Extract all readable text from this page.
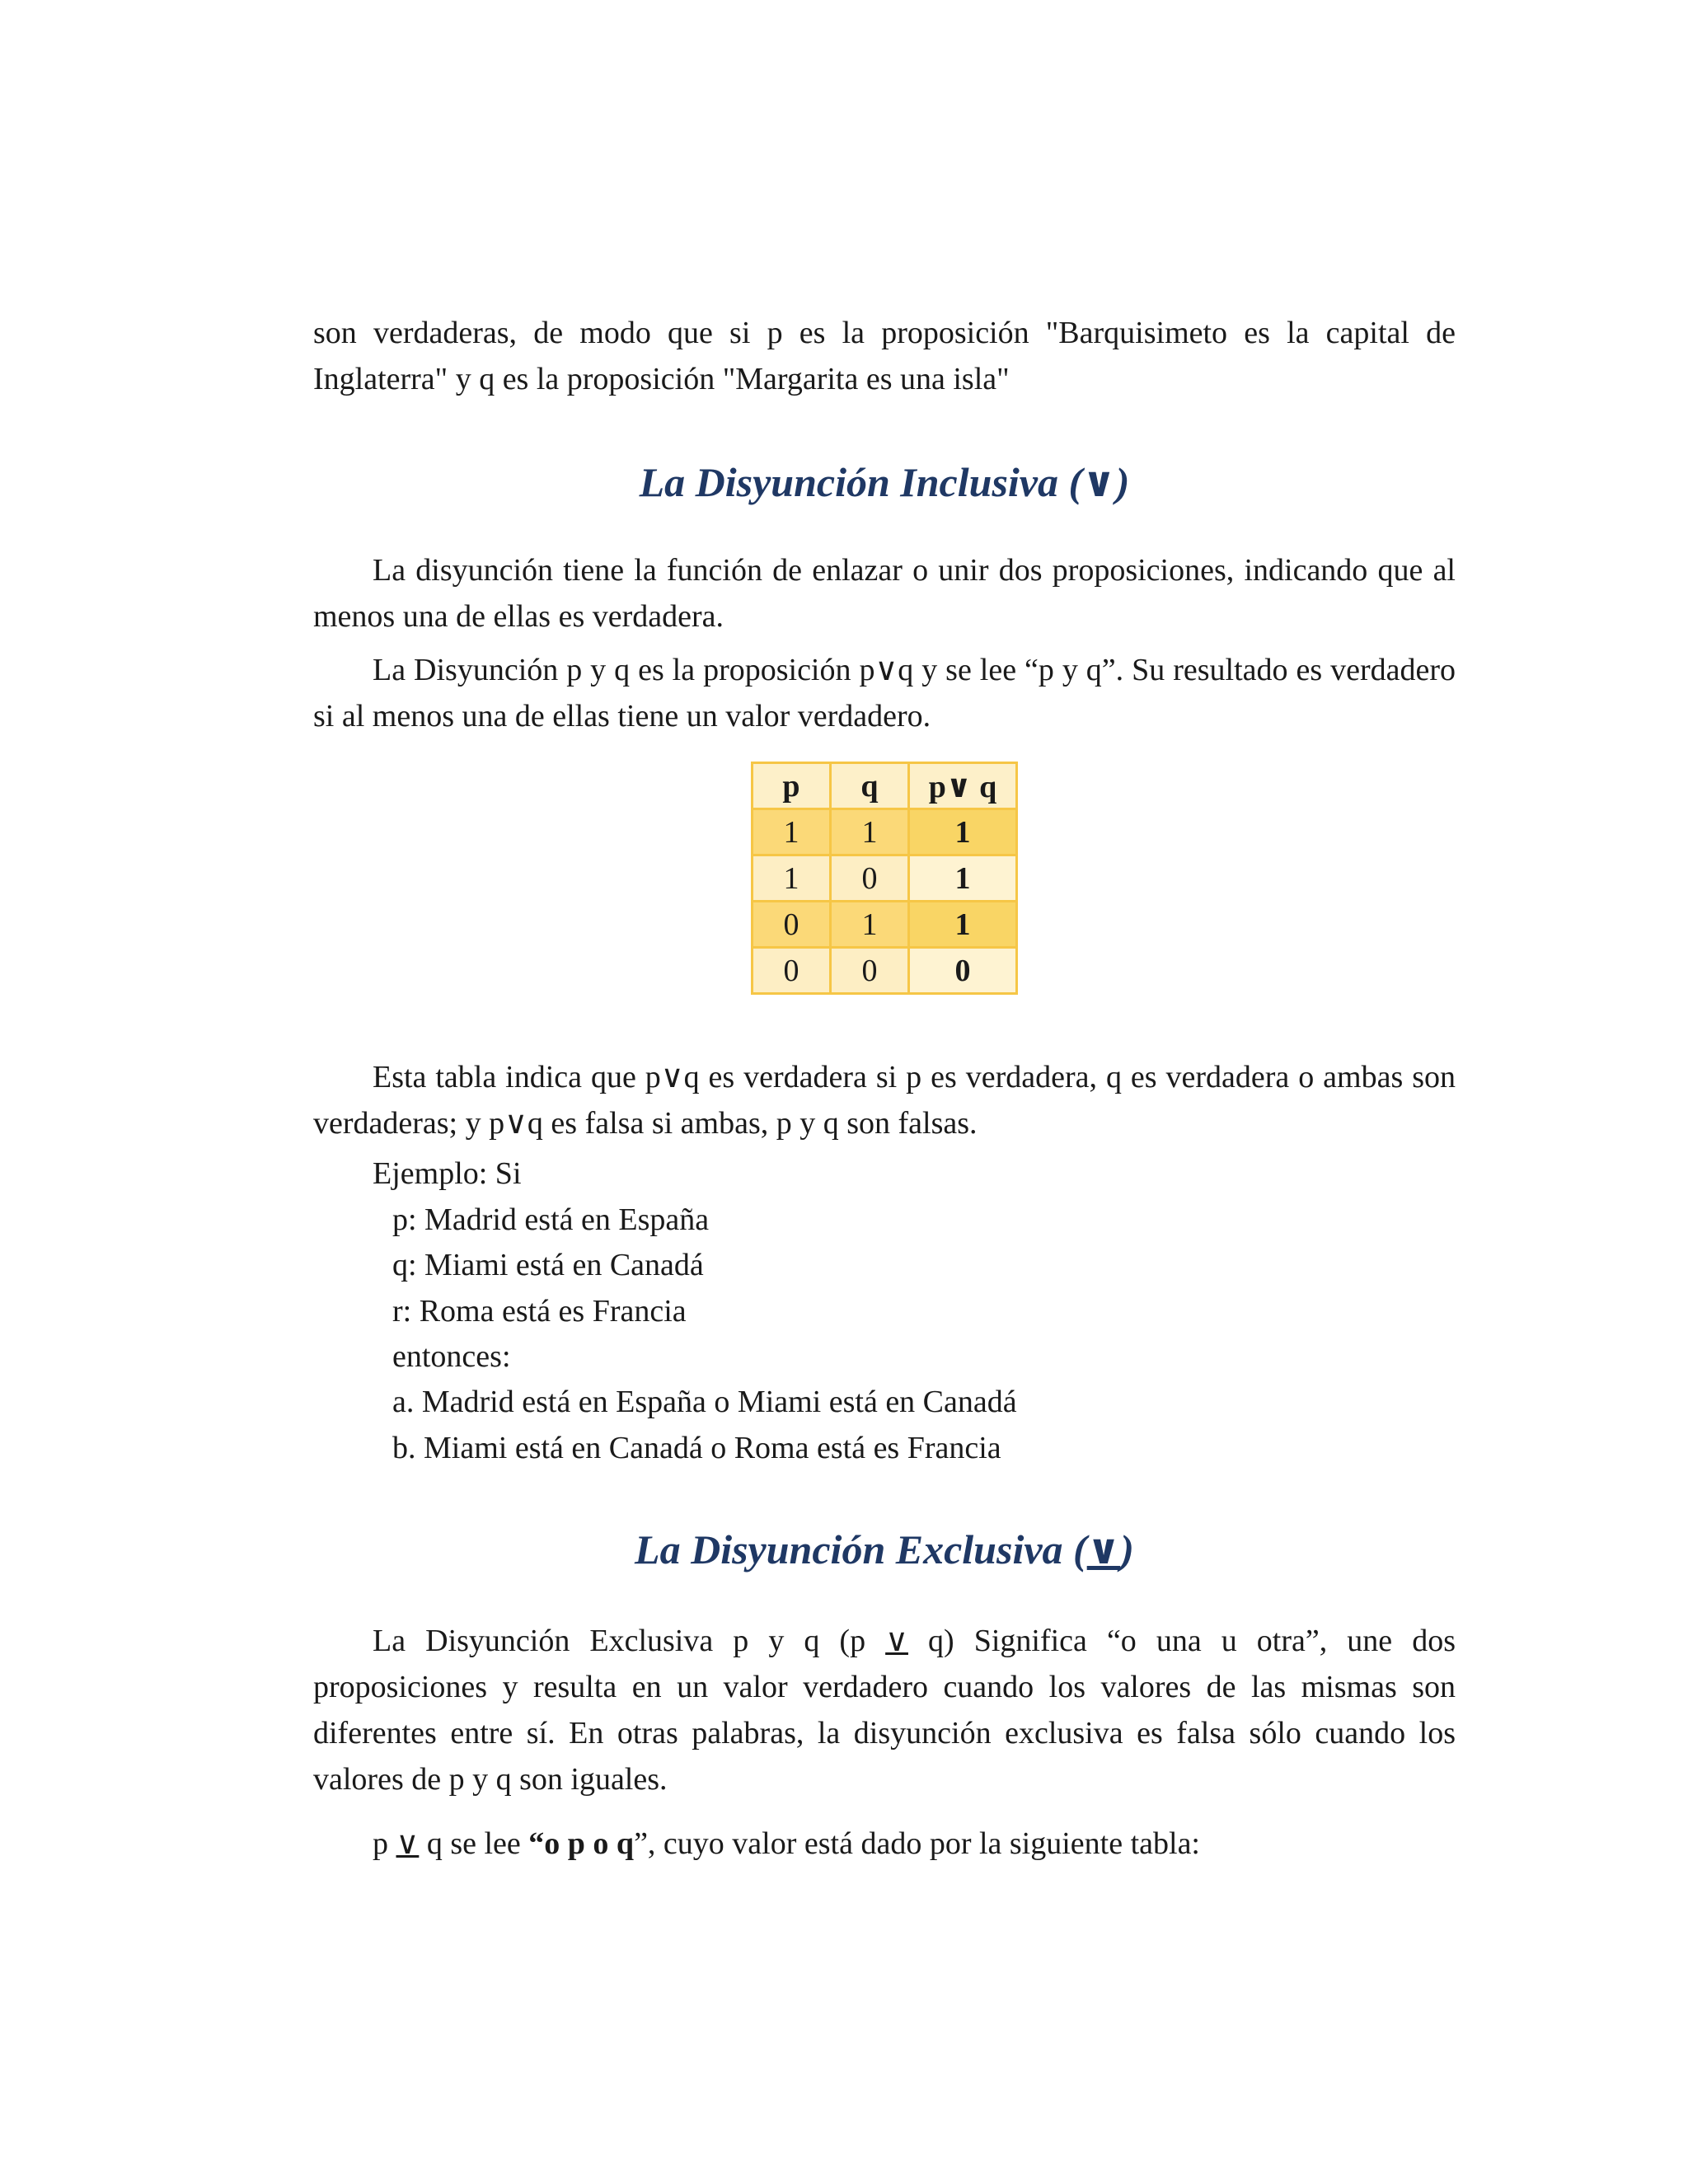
son verdaderas, de modo que si p es la proposición "Barquisimeto es la capital de

Inglaterra" y q es la proposición "Margarita es una isla"

La Disyunción Inclusiva (∨)

La disyunción tiene la función de enlazar o unir dos proposiciones, indicando que al menos una de ellas es verdadera.

La Disyunción p y q es la proposición p∨q y se lee “p y q”. Su resultado es verdadero si al menos una de ellas tiene un valor verdadero.

p	q	p∨ q
1	1	1
1	0	1
0	1	1
0	0	0

Esta tabla indica que p∨q es verdadera si p es verdadera, q es verdadera o ambas son verdaderas; y p∨q es falsa si ambas, p y q son falsas.

Ejemplo: Si
p: Madrid está en España
q: Miami está en Canadá
r: Roma está es Francia
entonces:
a. Madrid está en España o Miami está en Canadá
b. Miami está en Canadá o Roma está es Francia
La Disyunción Exclusiva (∨)

La Disyunción Exclusiva p y q (p ∨ q) Significa “o una u otra”, une dos proposiciones y resulta en un valor verdadero cuando los valores de las mismas son diferentes entre sí. En otras palabras, la disyunción exclusiva es falsa sólo cuando los valores de p y q son iguales.

p ∨ q se lee “o p o q”, cuyo valor está dado por la siguiente tabla:
